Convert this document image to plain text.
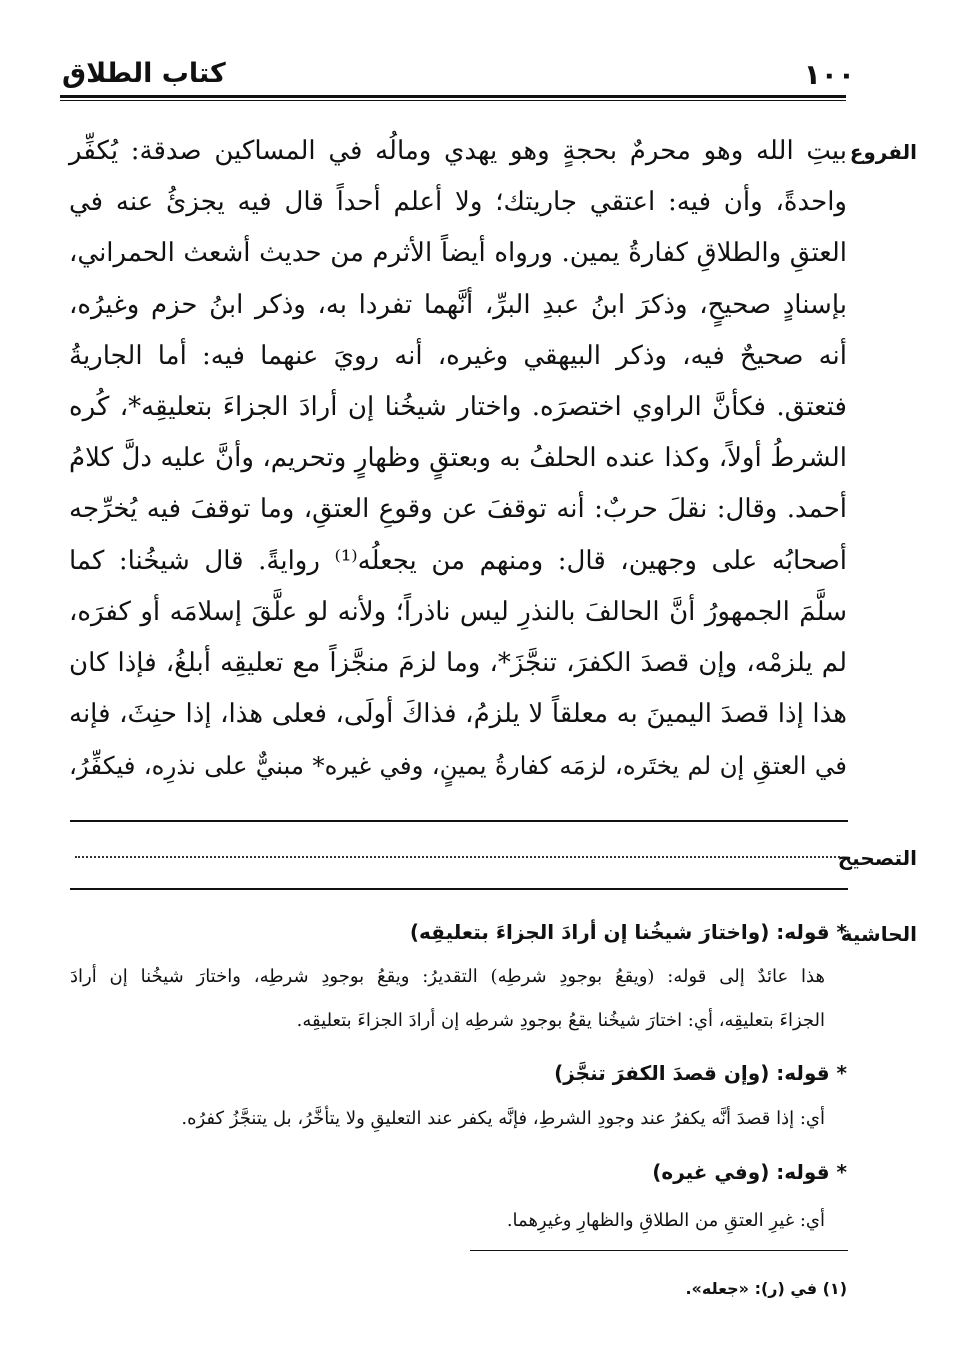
١٠٠
كتاب الطلاق
الفروع
بيتِ الله وهو محرمٌ بحجةٍ وهو يهدي ومالُه في المساكين صدقة: يُكفِّر
واحدةً، وأن فيه: اعتقي جاريتك؛ ولا أعلم أحداً قال فيه يجزئُ عنه في
العتقِ والطلاقِ كفارةُ يمين. ورواه أيضاً الأثرم من حديث أشعث الحمراني،
بإسنادٍ صحيحٍ، وذكرَ ابنُ عبدِ البرِّ، أنَّهما تفردا به، وذكر ابنُ حزم وغيرُه،
أنه صحيحٌ فيه، وذكر البيهقي وغيره، أنه رويَ عنهما فيه: أما الجاريةُ
فتعتق. فكأنَّ الراوي اختصرَه. واختار شيخُنا إن أرادَ الجزاءَ بتعليقِه*، كُره
الشرطُ أولاً، وكذا عنده الحلفُ به وبعتقٍ وظهارٍ وتحريم، وأنَّ عليه دلَّ كلامُ
أحمد. وقال: نقلَ حربٌ: أنه توقفَ عن وقوعِ العتقِ، وما توقفَ فيه يُخرِّجه
أصحابُه على وجهين، قال: ومنهم من يجعلُه⁽¹⁾ روايةً. قال شيخُنا: كما
سلَّمَ الجمهورُ أنَّ الحالفَ بالنذرِ ليس ناذراً؛ ولأنه لو علَّقَ إسلامَه أو كفرَه،
لم يلزمْه، وإن قصدَ الكفرَ، تنجَّزَ*، وما لزمَ منجَّزاً مع تعليقِه أبلغُ، فإذا كان
هذا إذا قصدَ اليمينَ به معلقاً لا يلزمُ، فذاكَ أولَى، فعلى هذا، إذا حنِثَ، فإنه
في العتقِ إن لم يختَره، لزمَه كفارةُ يمينٍ، وفي غيره* مبنيٌّ على نذرِه، فيكفِّرُ،
التصحيح
الحاشية
* قوله: (واختارَ شيخُنا إن أرادَ الجزاءَ بتعليقِه)
هذا عائدٌ إلى قوله: (ويقعُ بوجودِ شرطِه) التقديرُ: ويقعُ بوجودِ شرطِه، واختارَ شيخُنا إن أرادَ
الجزاءَ بتعليقِه، أي: اختارَ شيخُنا يقعُ بوجودِ شرطِه إن أرادَ الجزاءَ بتعليقِه.
* قوله: (وإن قصدَ الكفرَ تنجَّز)
أي: إذا قصدَ أنَّه يكفرُ عند وجودِ الشرطِ، فإنَّه يكفر عند التعليقِ ولا يتأخَّرُ، بل يتنجَّزُ كفرُه.
* قوله: (وفي غيره)
أي: غيرِ العتقِ من الطلاقِ والظهارِ وغيرِهما.
(١) في (ر): «جعله».
